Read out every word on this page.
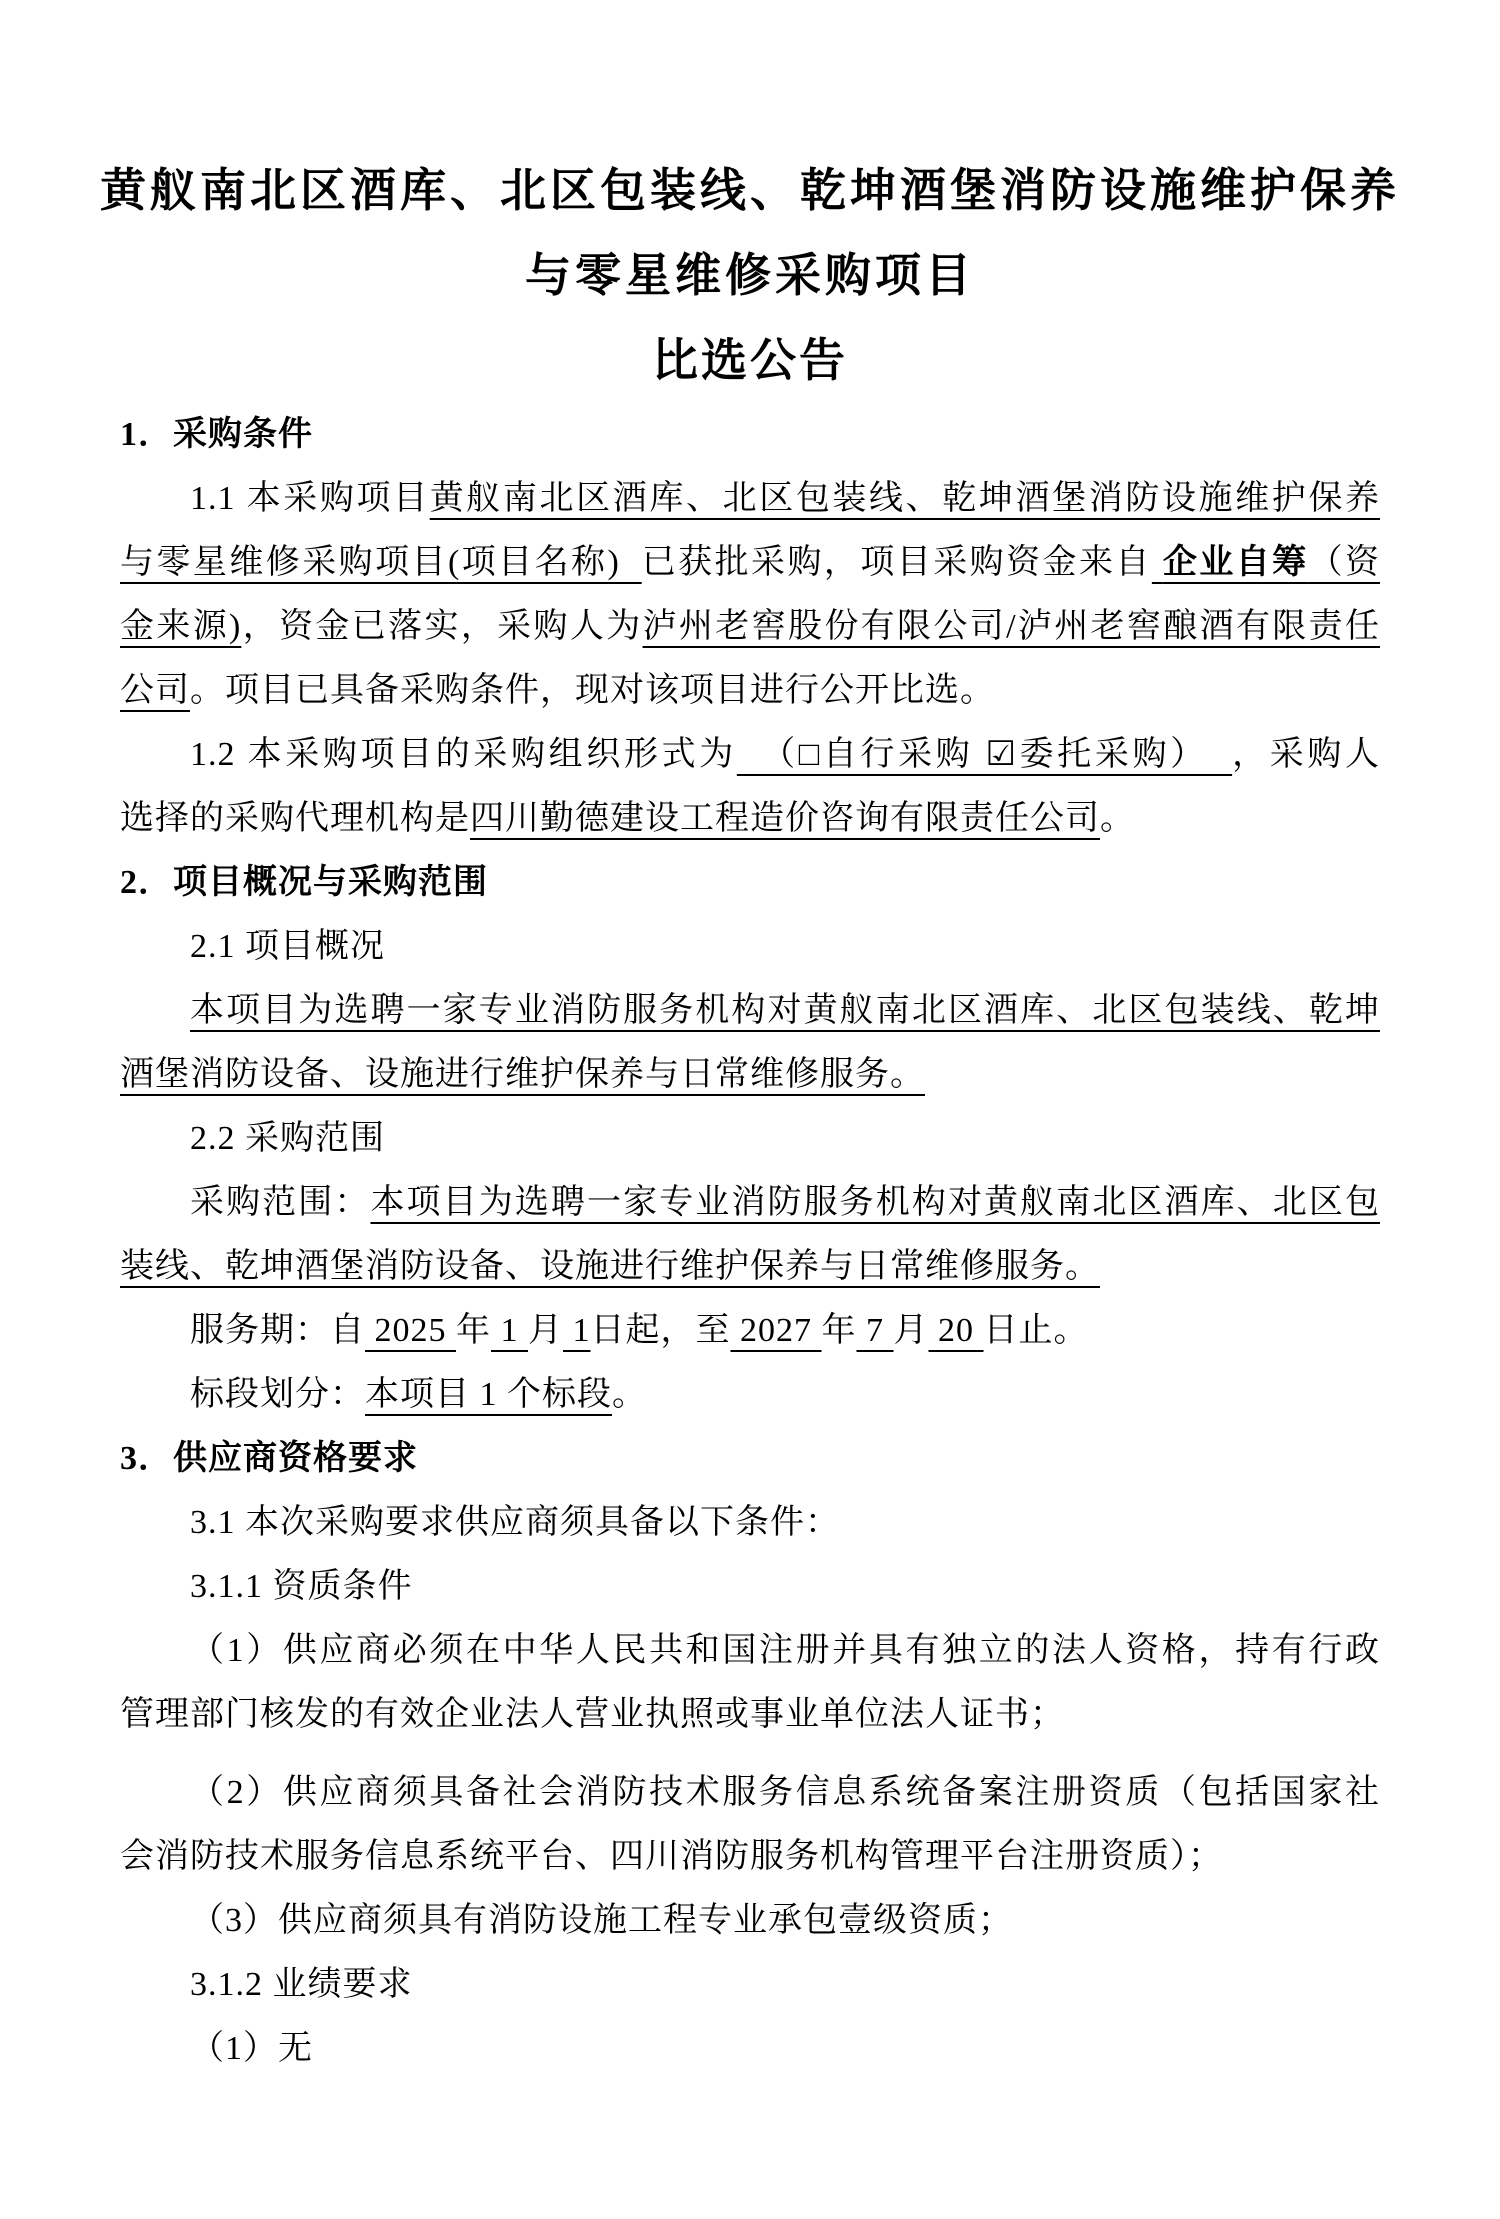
黄舣南北区酒库、北区包装线、乾坤酒堡消防设施维护保养
与零星维修采购项目
比选公告
1．采购条件
1.1 本采购项目黄舣南北区酒库、北区包装线、乾坤酒堡消防设施维护保养
与零星维修采购项目(项目名称)  已获批采购，项目采购资金来自 企业自筹（资
金来源)，资金已落实，采购人为泸州老窖股份有限公司/泸州老窖酿酒有限责任
公司。项目已具备采购条件，现对该项目进行公开比选。
1.2 本采购项目的采购组织形式为  （□自行采购 ☑委托采购）  ，采购人
选择的采购代理机构是四川勤德建设工程造价咨询有限责任公司。
2．项目概况与采购范围
2.1 项目概况
本项目为选聘一家专业消防服务机构对黄舣南北区酒库、北区包装线、乾坤
酒堡消防设备、设施进行维护保养与日常维修服务。
2.2 采购范围
采购范围：本项目为选聘一家专业消防服务机构对黄舣南北区酒库、北区包
装线、乾坤酒堡消防设备、设施进行维护保养与日常维修服务。
服务期：自 2025 年 1 月 1日起，至 2027 年 7 月 20 日止。
标段划分：本项目 1 个标段。
3．供应商资格要求
3.1 本次采购要求供应商须具备以下条件：
3.1.1 资质条件
（1）供应商必须在中华人民共和国注册并具有独立的法人资格，持有行政
管理部门核发的有效企业法人营业执照或事业单位法人证书；
（2）供应商须具备社会消防技术服务信息系统备案注册资质（包括国家社
会消防技术服务信息系统平台、四川消防服务机构管理平台注册资质）；
（3）供应商须具有消防设施工程专业承包壹级资质；
3.1.2 业绩要求
（1）无
